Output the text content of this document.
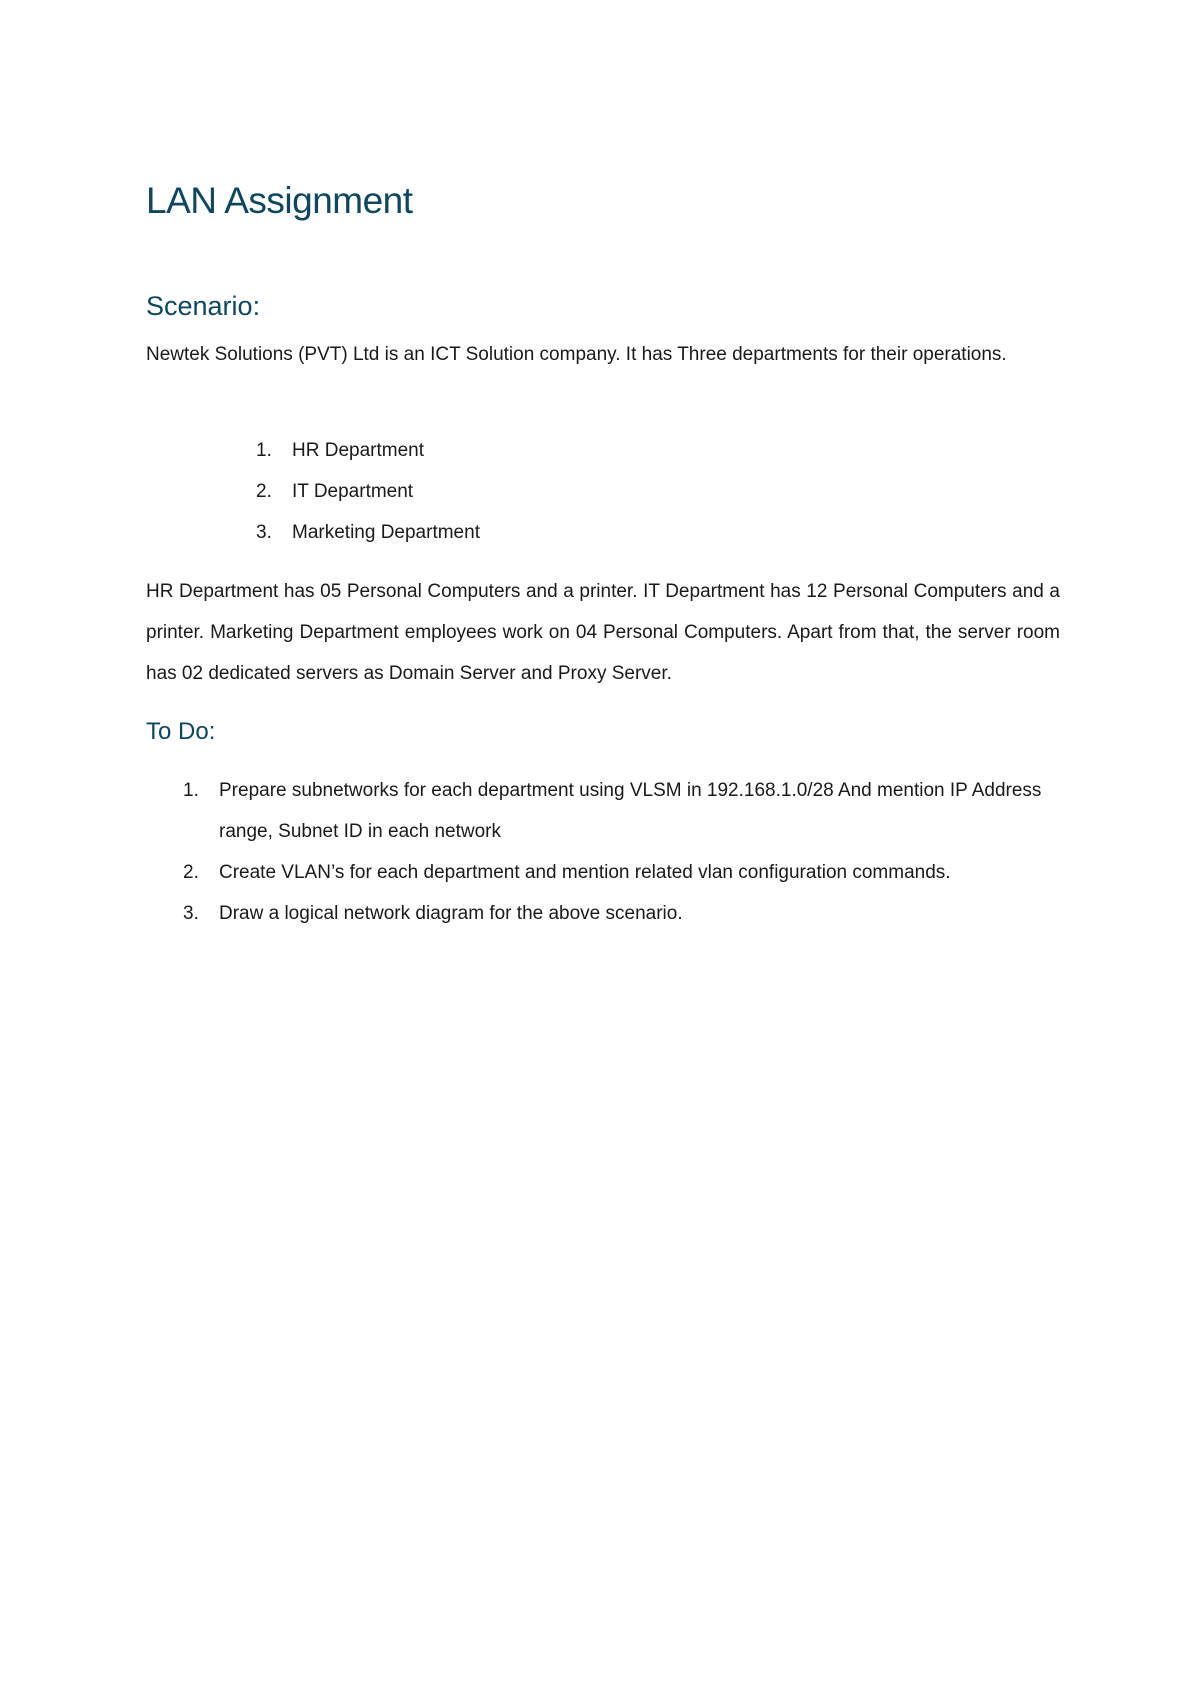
LAN Assignment
Scenario:

Newtek Solutions (PVT) Ltd is an ICT Solution company. It has Three departments for their operations.

1. HR Department
2. IT Department
3. Marketing Department

HR Department has 05 Personal Computers and a printer. IT Department has 12 Personal Computers and a printer. Marketing Department employees work on 04 Personal Computers. Apart from that, the server room has 02 dedicated servers as Domain Server and Proxy Server.

To Do:
1. Prepare subnetworks for each department using VLSM in 192.168.1.0/28 And mention IP Address range, Subnet ID in each network
2. Create VLAN’s for each department and mention related vlan configuration commands.
3. Draw a logical network diagram for the above scenario.
